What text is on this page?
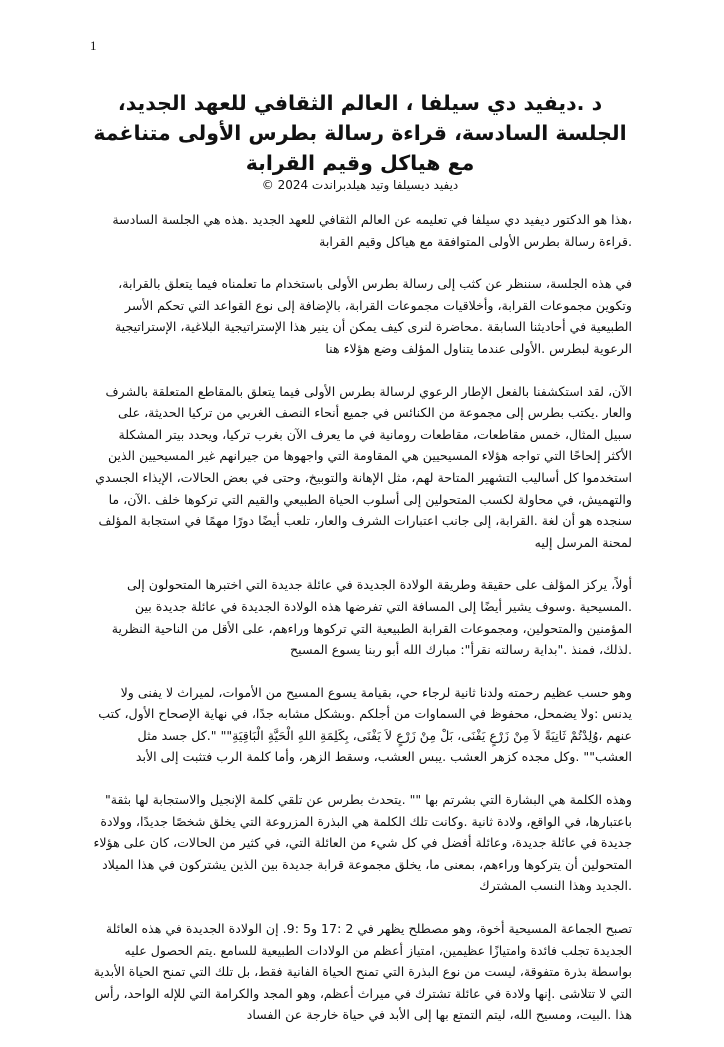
1
د .ديفيد دي سيلفا ، العالم الثقافي للعهد الجديد، الجلسة السادسة، قراءة رسالة بطرس الأولى متناغمة مع هياكل وقيم القرابة
ديفيد ديسيلفا وتيد هيلدبراندت 2024 ©

،هذا هو الدكتور ديفيد دي سيلفا في تعليمه عن العالم الثقافي للعهد الجديد .هذه هي الجلسة السادسة .قراءة رسالة بطرس الأولى المتوافقة مع هياكل وقيم القرابة

في هذه الجلسة، سننظر عن كثب إلى رسالة بطرس الأولى باستخدام ما تعلمناه فيما يتعلق بالقرابة، وتكوين مجموعات القرابة، وأخلاقيات مجموعات القرابة، بالإضافة إلى نوع القواعد التي تحكم الأسر الطبيعية في أحاديثنا السابقة .محاضرة لنرى كيف يمكن أن ينير هذا الإستراتيجية البلاغية، الإستراتيجية الرعوية لبطرس .الأولى عندما يتناول المؤلف وضع هؤلاء هنا

الآن، لقد استكشفنا بالفعل الإطار الرعوي لرسالة بطرس الأولى فيما يتعلق بالمقاطع المتعلقة بالشرف والعار .يكتب بطرس إلى مجموعة من الكنائس في جميع أنحاء النصف الغربي من تركيا الحديثة، على سبيل المثال، خمس مقاطعات، مقاطعات رومانية في ما يعرف الآن بغرب تركيا، ويحدد بيتر المشكلة الأكثر إلحاحًا التي تواجه هؤلاء المسيحيين هي المقاومة التي واجهوها من جيرانهم غير المسيحيين الذين استخدموا كل أساليب التشهير المتاحة لهم، مثل الإهانة والتوبيخ، وحتى في بعض الحالات، الإيذاء الجسدي والتهميش، في محاولة لكسب المتحولين إلى أسلوب الحياة الطبيعي والقيم التي تركوها خلف .الآن، ما سنجده هو أن لغة .القرابة، إلى جانب اعتبارات الشرف والعار، تلعب أيضًا دورًا مهمًا في استجابة المؤلف لمحنة المرسل إليه

أولاً، يركز المؤلف على حقيقة وطريقة الولادة الجديدة في عائلة جديدة التي اختبرها المتحولون إلى .المسيحية .وسوف يشير أيضًا إلى المسافة التي تفرضها هذه الولادة الجديدة في عائلة جديدة بين المؤمنين والمتحولين، ومجموعات القرابة الطبيعية التي تركوها وراءهم، على الأقل من الناحية النظرية .لذلك، فمنذ ."بداية رسالته نقرأ": مبارك الله أبو ربنا يسوع المسيح

وهو حسب عظيم رحمته ولدنا ثانية لرجاء حي، بقيامة يسوع المسيح من الأموات، لميراث لا يفنى ولا يدنس :ولا يضمحل، محفوظ في السماوات من أجلكم .وبشكل مشابه جدًا، في نهاية الإصحاح الأول، كتب عنهم ،وُلِدْتُمْ ثَانِيَةً لاَ مِنْ زَرْعٍ يَفْنَى، بَلْ مِنْ زَرْعٍ لاَ يَفْنَى، بِكَلِمَةِ اللهِ الْحَيَّةِ الْبَاقِيَةِ"" ".كل جسد مثل العشب"" .وكل مجده كزهر العشب .يبس العشب، وسقط الزهر، وأما كلمة الرب فتثبت إلى الأبد

وهذه الكلمة هي البشارة التي بشرتم بها "" .يتحدث بطرس عن تلقي كلمة الإنجيل والاستجابة لها بثقة" باعتبارها، في الواقع، ولادة ثانية .وكانت تلك الكلمة هي البذرة المزروعة التي يخلق شخصًا جديدًا، وولادة جديدة في عائلة جديدة، وعائلة أفضل في كل شيء من العائلة التي، في كثير من الحالات، كان على هؤلاء المتحولين أن يتركوها وراءهم، بمعنى ما، يخلق مجموعة قرابة جديدة بين الذين يشتركون في هذا الميلاد .الجديد وهذا النسب المشترك

تصبح الجماعة المسيحية أخوة، وهو مصطلح يظهر في 2 :17 و5 :9. إن الولادة الجديدة في هذه العائلة الجديدة تجلب فائدة وامتيازًا عظيمين، امتياز أعظم من الولادات الطبيعية للسامع .يتم الحصول عليه بواسطة بذرة متفوقة، ليست من نوع البذرة التي تمنح الحياة الفانية فقط، بل تلك التي تمنح الحياة الأبدية التي لا تتلاشى .إنها ولادة في عائلة تشترك في ميراث أعظم، وهو المجد والكرامة التي للإله الواحد، رأس هذا .البيت، ومسيح الله، ليتم التمتع بها إلى الأبد في حياة خارجة عن الفساد
